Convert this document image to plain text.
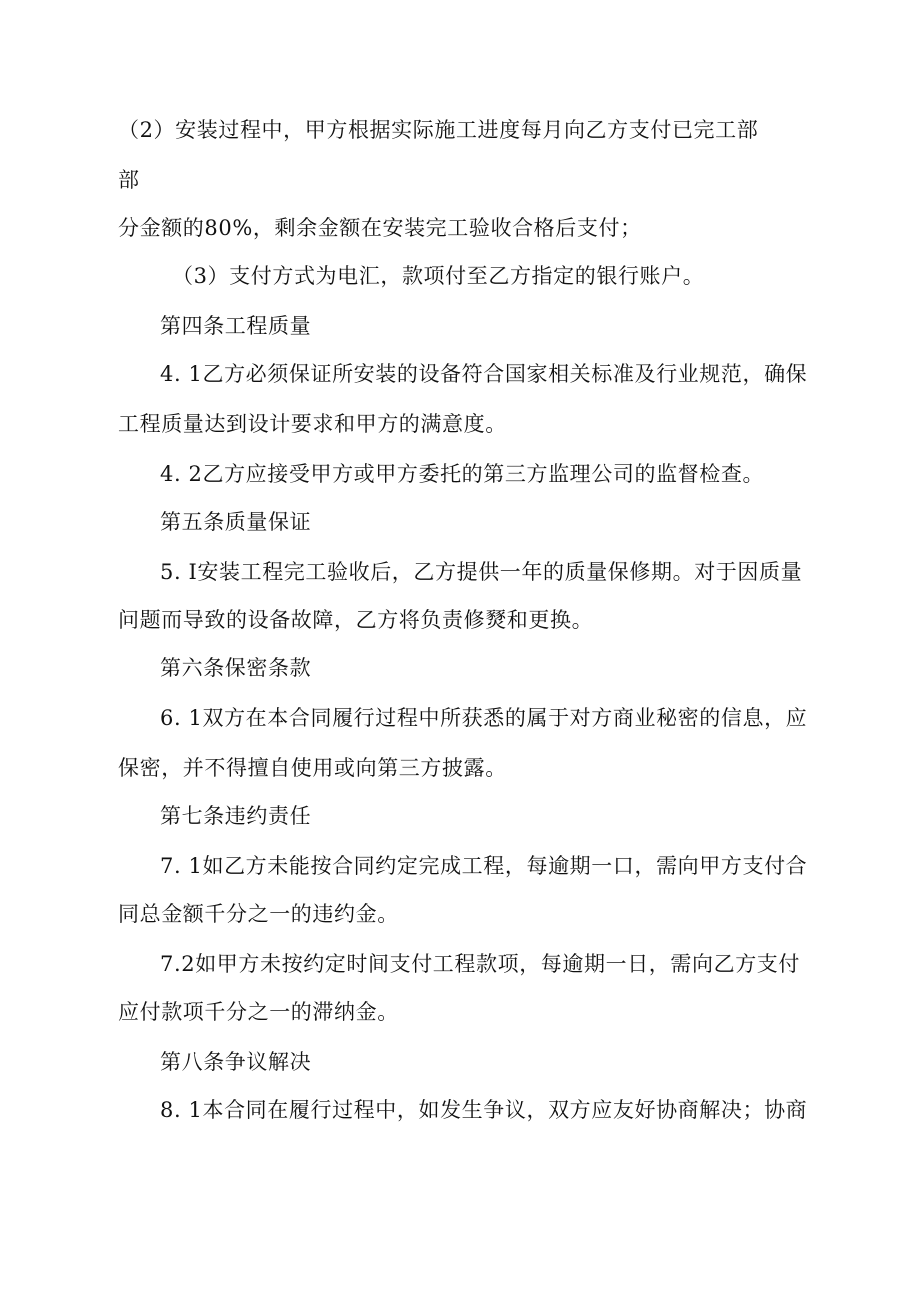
（2）安装过程中，甲方根据实际施工进度每月向乙方支付已完工部
部
分金额的80%，剩余金额在安装完工验收合格后支付；
（3）支付方式为电汇，款项付至乙方指定的银行账户。
第四条工程质量
4. 1乙方必须保证所安装的设备符合国家相关标准及行业规范，确保
工程质量达到设计要求和甲方的满意度。
4. 2乙方应接受甲方或甲方委托的第三方监理公司的监督检查。
第五条质量保证
5. I安装工程完工验收后，乙方提供一年的质量保修期。对于因质量
问题而导致的设备故障，乙方将负责修燹和更换。
第六条保密条款
6. 1双方在本合同履行过程中所获悉的属于对方商业秘密的信息，应
保密，并不得擅自使用或向第三方披露。
第七条违约责任
7. 1如乙方未能按合同约定完成工程，每逾期一口，需向甲方支付合
同总金额千分之一的违约金。
7.2如甲方未按约定时间支付工程款项，每逾期一日，需向乙方支付
应付款项千分之一的滞纳金。
第八条争议解决
8. 1本合同在履行过程中，如发生争议，双方应友好协商解决；协商
